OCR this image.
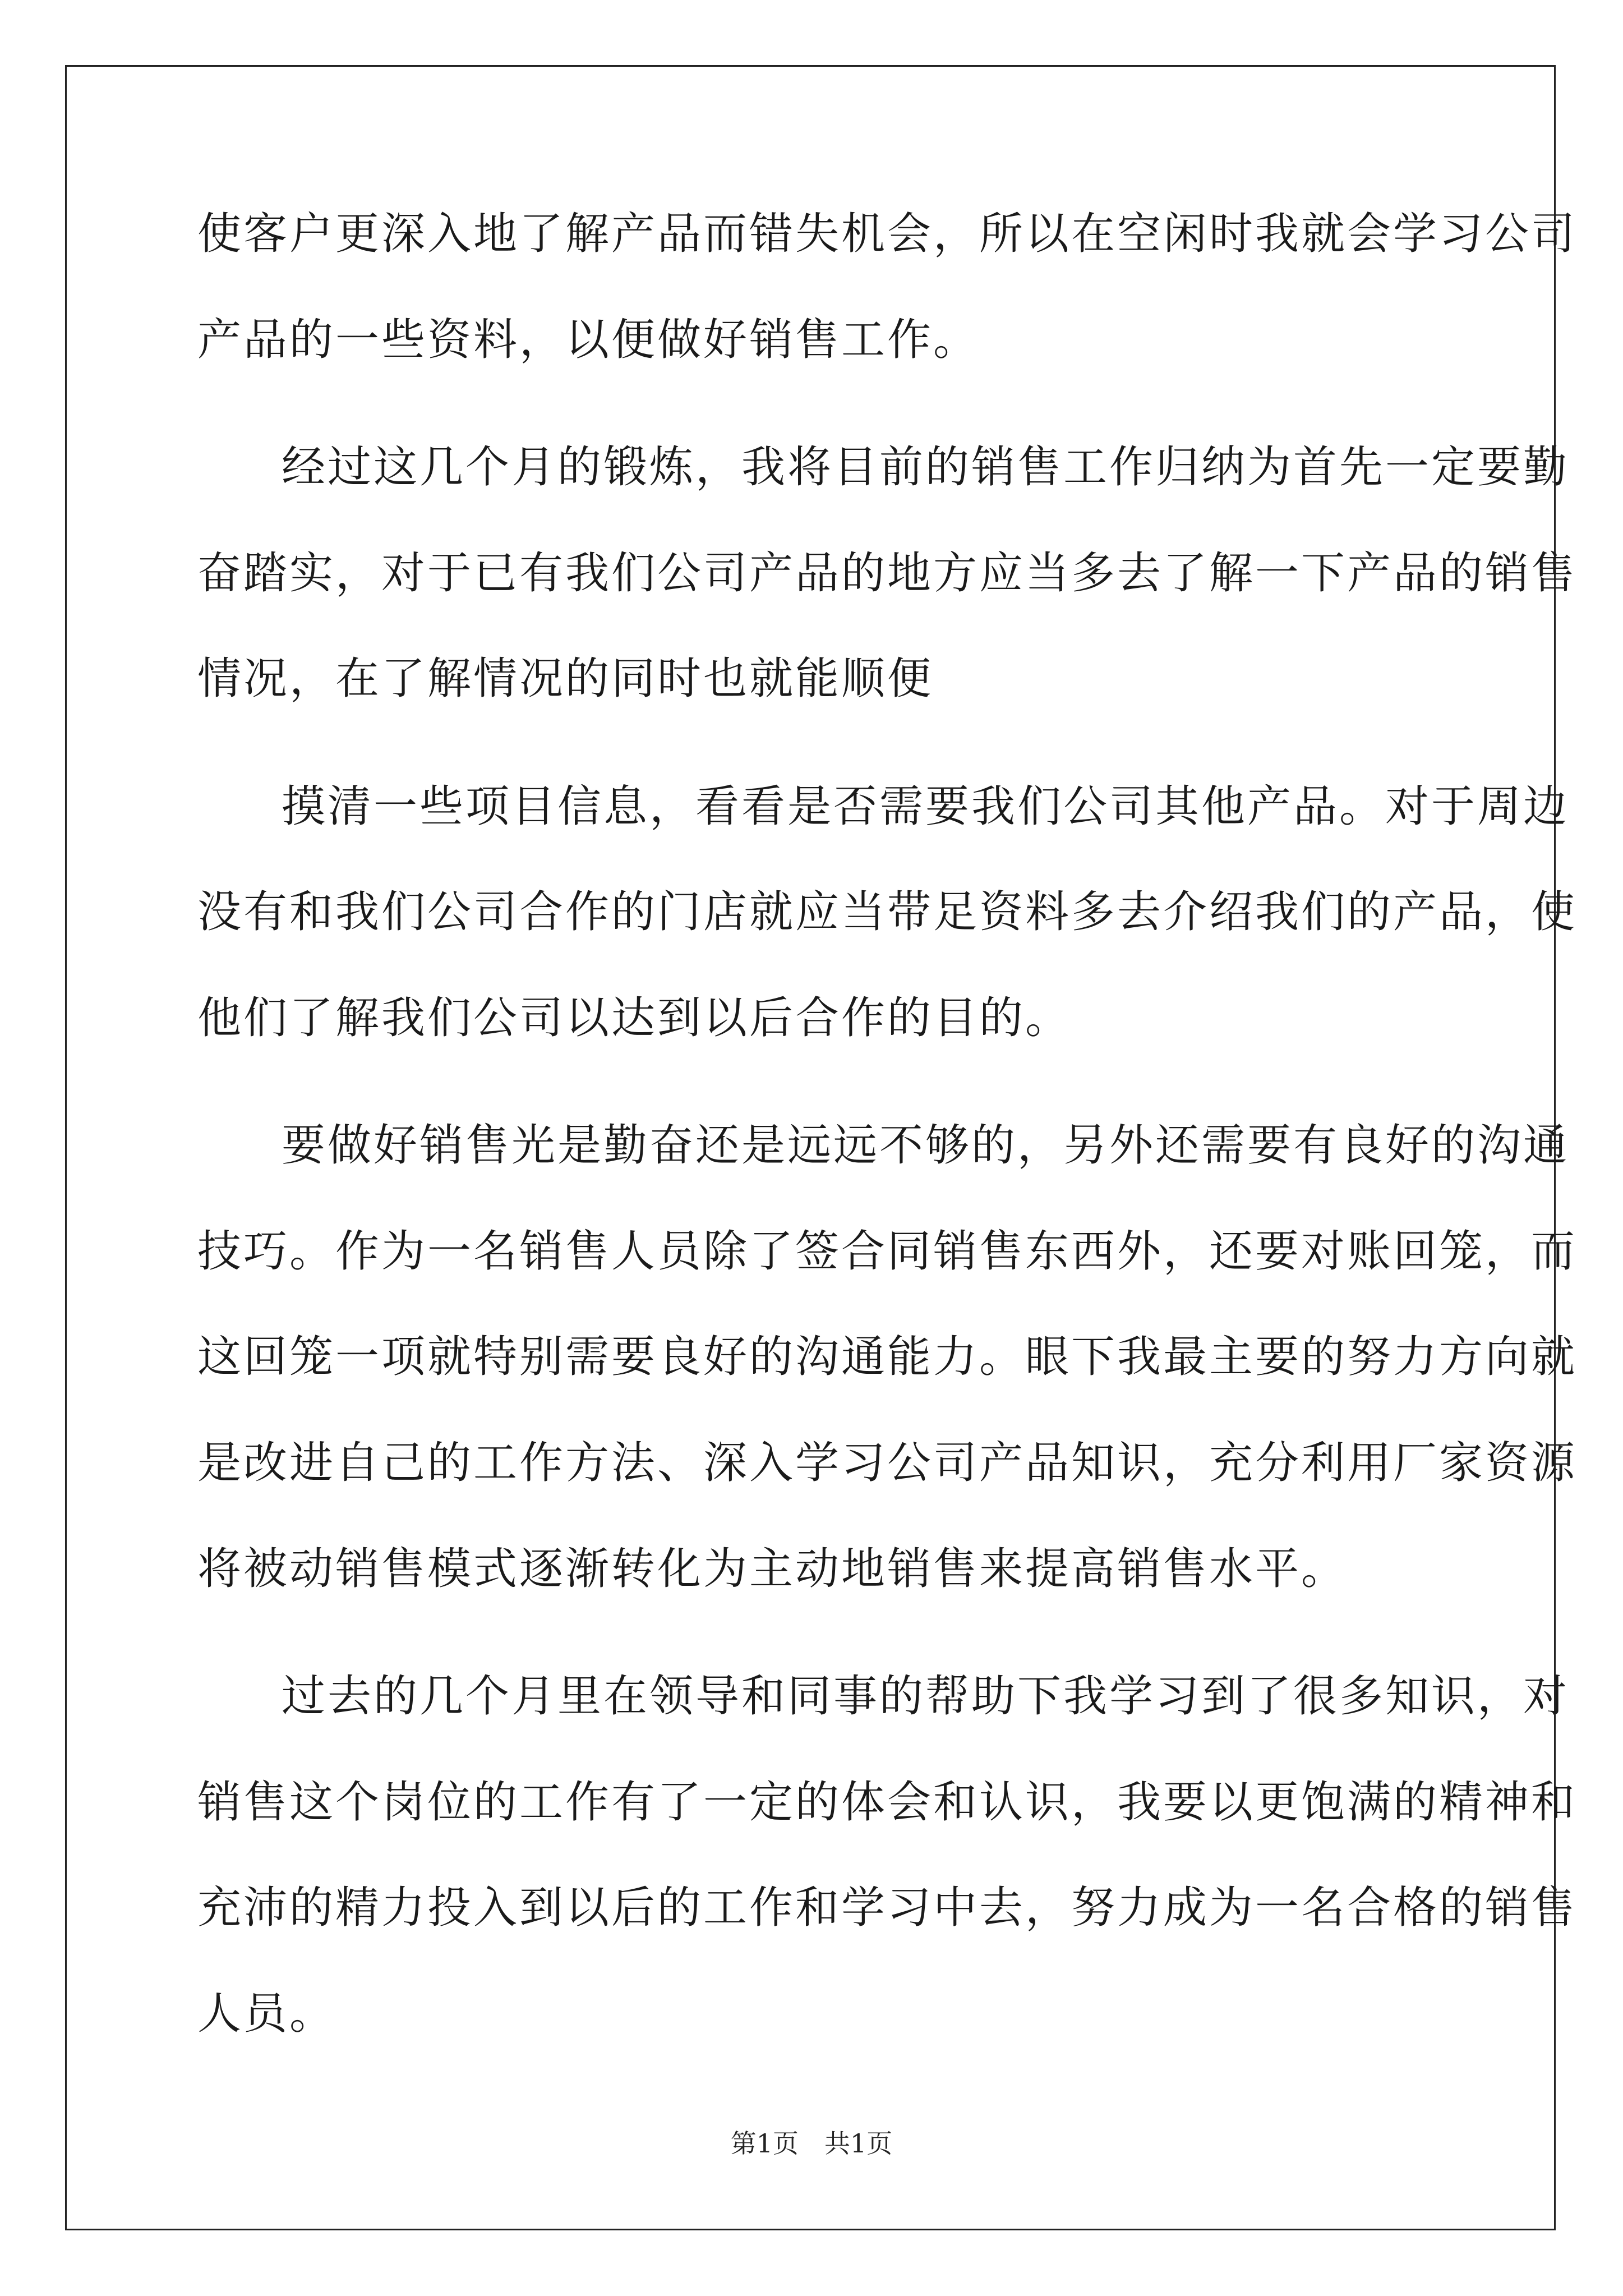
使客户更深入地了解产品而错失机会，所以在空闲时我就会学习公司
产品的一些资料，以便做好销售工作。
经过这几个月的锻炼，我将目前的销售工作归纳为首先一定要勤
奋踏实，对于已有我们公司产品的地方应当多去了解一下产品的销售
情况，在了解情况的同时也就能顺便
摸清一些项目信息，看看是否需要我们公司其他产品。对于周边
没有和我们公司合作的门店就应当带足资料多去介绍我们的产品，使
他们了解我们公司以达到以后合作的目的。
要做好销售光是勤奋还是远远不够的，另外还需要有良好的沟通
技巧。作为一名销售人员除了签合同销售东西外，还要对账回笼，而
这回笼一项就特别需要良好的沟通能力。眼下我最主要的努力方向就
是改进自己的工作方法、深入学习公司产品知识，充分利用厂家资源
将被动销售模式逐渐转化为主动地销售来提高销售水平。
过去的几个月里在领导和同事的帮助下我学习到了很多知识，对
销售这个岗位的工作有了一定的体会和认识，我要以更饱满的精神和
充沛的精力投入到以后的工作和学习中去，努力成为一名合格的销售
人员。
第1页　共1页
